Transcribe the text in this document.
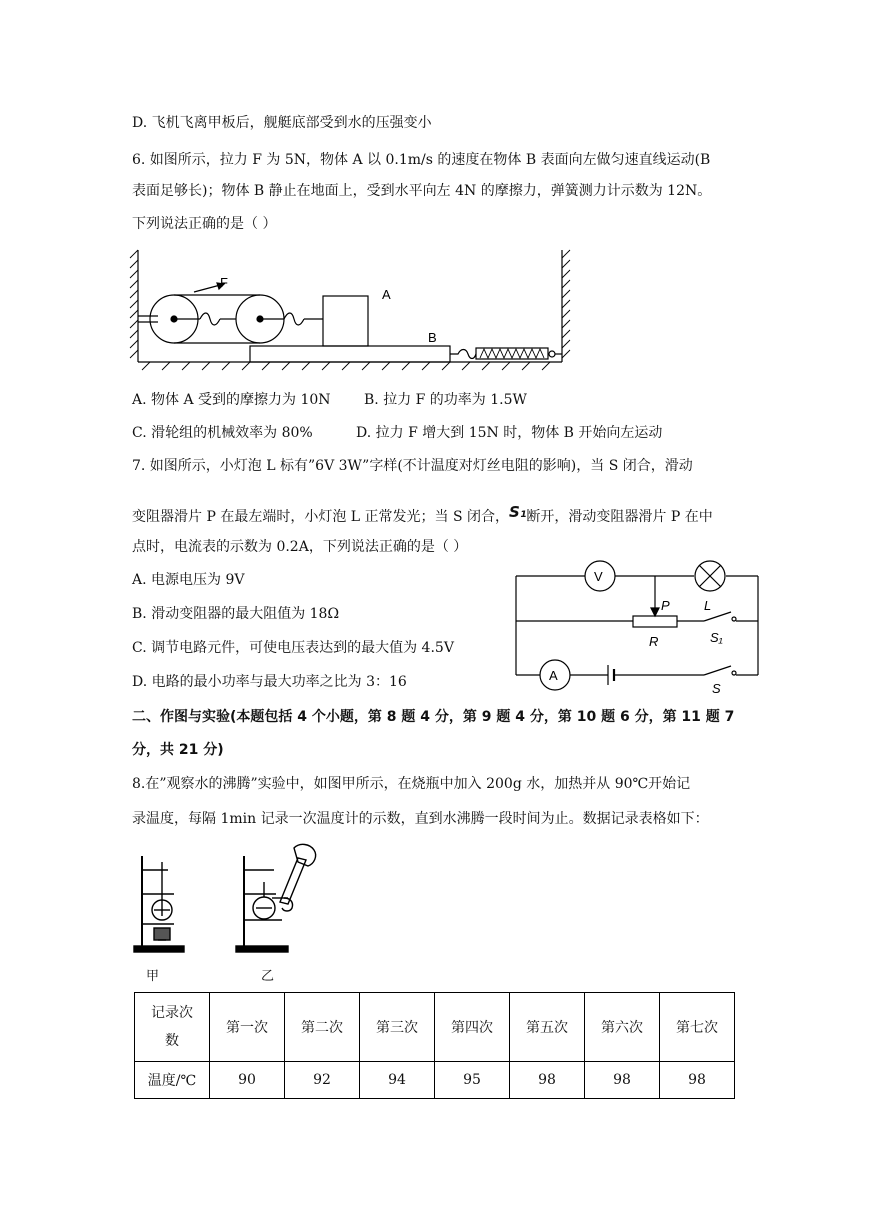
D. 飞机飞离甲板后，舰艇底部受到水的压强变小
6. 如图所示，拉力 F 为 5N，物体 A 以 0.1m/s 的速度在物体 B 表面向左做匀速直线运动(B
表面足够长)；物体 B 静止在地面上，受到水平向左 4N 的摩擦力，弹簧测力计示数为 12N。
下列说法正确的是（ ）
F
A
B
A. 物体 A 受到的摩擦力为 10N B. 拉力 F 的功率为 1.5W
C. 滑轮组的机械效率为 80%	D. 拉力 F 增大到 15N 时，物体 B 开始向左运动
7. 如图所示，小灯泡 L 标有”6V 3W”字样(不计温度对灯丝电阻的影响)，当 S 闭合，滑动
变阻器滑片 P 在最左端时，小灯泡 L 正常发光；当 S 闭合，S₁断开，滑动变阻器滑片 P 在中
点时，电流表的示数为 0.2A，下列说法正确的是（ ）
A. 电源电压为 9V
B. 滑动变阻器的最大阻值为 18Ω
C. 调节电路元件，可使电压表达到的最大值为 4.5V
D. 电路的最小功率与最大功率之比为 3：16
V
A
P
R
L
S₁
S
二、作图与实验(本题包括 4 个小题，第 8 题 4 分，第 9 题 4 分，第 10 题 6 分，第 11 题 7
分，共 21 分)
8.在”观察水的沸腾”实验中，如图甲所示，在烧瓶中加入 200g 水，加热并从 90℃开始记
录温度，每隔 1min 记录一次温度计的示数，直到水沸腾一段时间为止。数据记录表格如下：
甲	乙
记录次数	第一次	第二次	第三次	第四次	第五次	第六次	第七次
温度/℃	90	92	94	95	98	98	98
